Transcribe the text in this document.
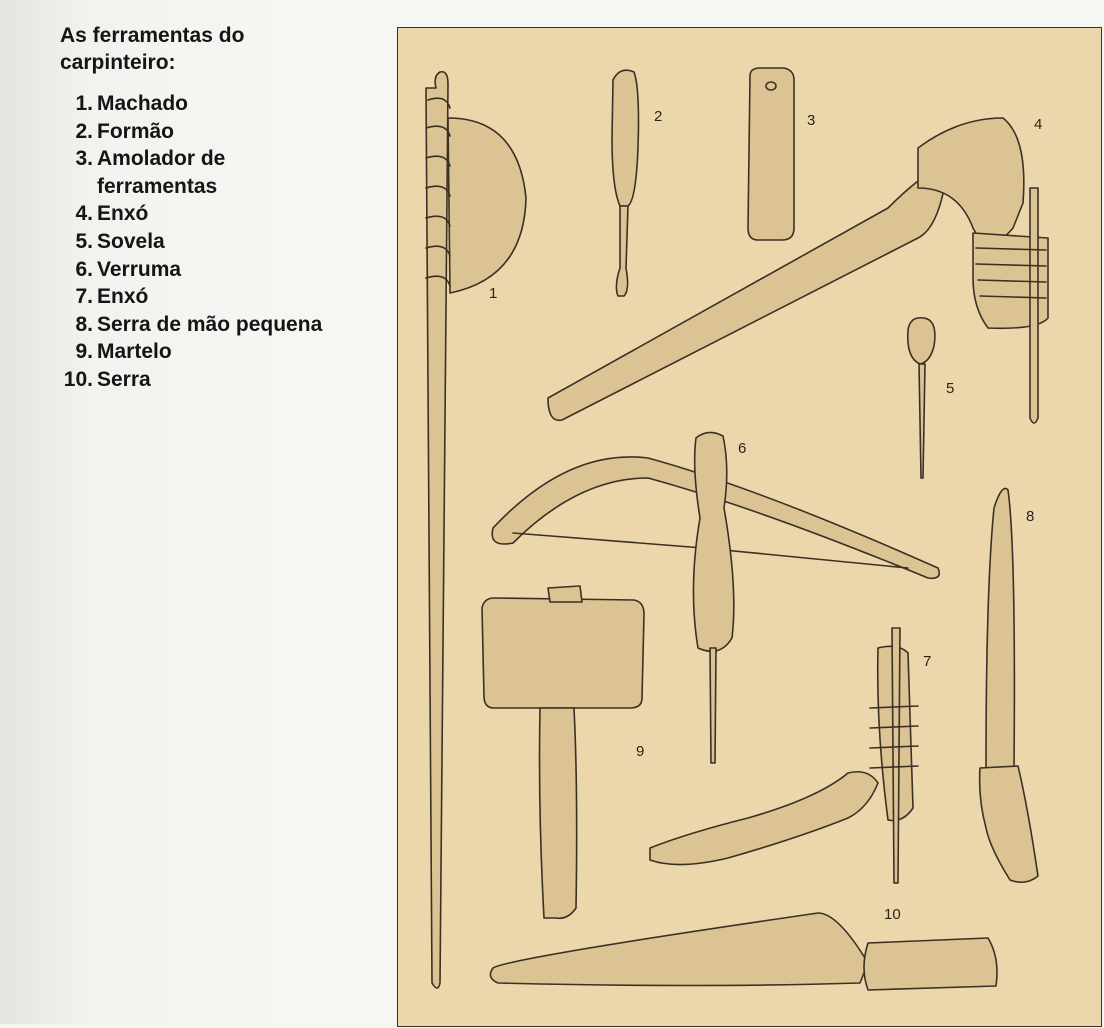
As ferramentas do carpinteiro:
1. Machado
2. Formão
3. Amolador de ferramentas
4. Enxó
5. Sovela
6. Verruma
7. Enxó
8. Serra de mão pequena
9. Martelo
10. Serra
1
2	3	4
5
6
7
8
9
10
